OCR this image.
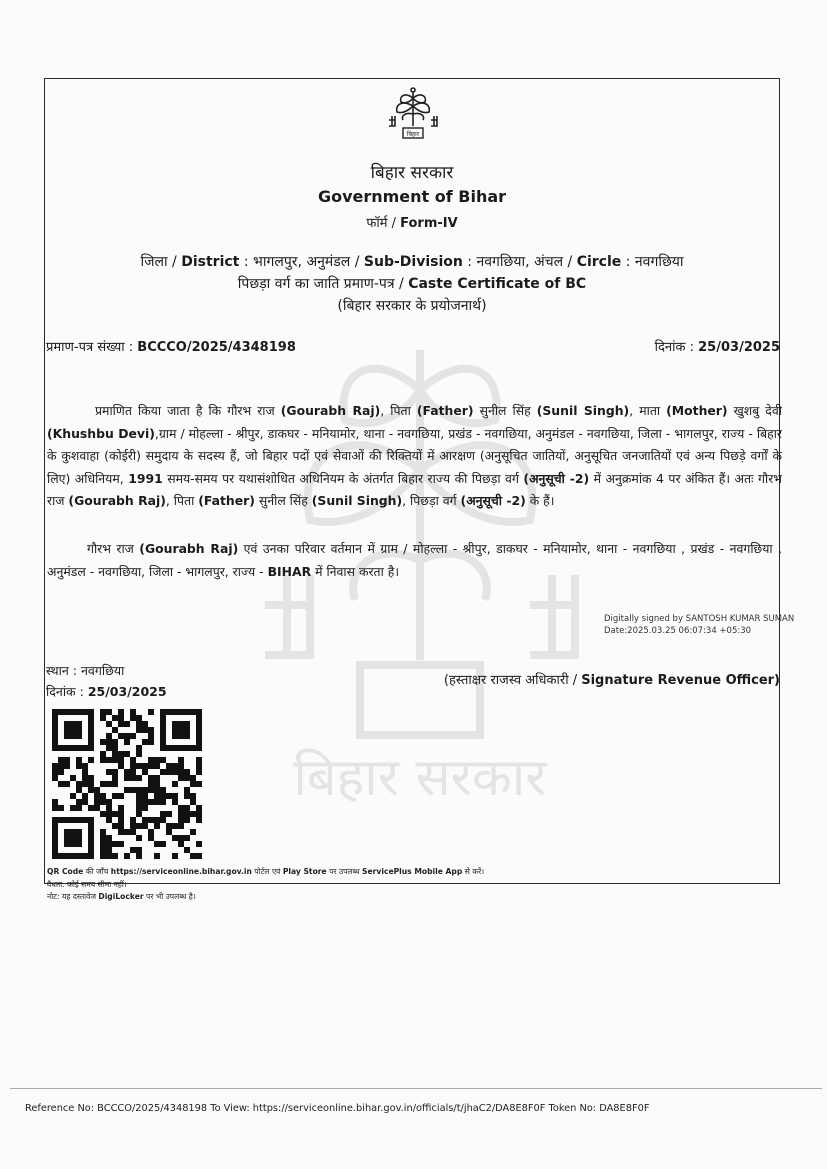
बिहार
बिहार सरकार
बिहार सरकार
Government of Bihar
फॉर्म / Form-IV
जिला / District : भागलपुर, अनुमंडल / Sub-Division : नवगछिया, अंचल / Circle : नवगछिया
पिछड़ा वर्ग का जाति प्रमाण-पत्र / Caste Certificate of BC
(बिहार सरकार के प्रयोजनार्थ)
प्रमाण-पत्र संख्या : BCCCO/2025/4348198	दिनांक : 25/03/2025
प्रमाणित किया जाता है कि गौरभ राज (Gourabh Raj), पिता (Father) सुनील सिंह (Sunil Singh), माता (Mother) खुशबु देवी (Khushbu Devi),ग्राम / मोहल्ला - श्रीपुर, डाकघर - मनियामोर, थाना - नवगछिया, प्रखंड - नवगछिया, अनुमंडल - नवगछिया, जिला - भागलपुर, राज्य - बिहार के कुशवाहा (कोईरी) समुदाय के सदस्य हैं, जो बिहार पदों एवं सेवाओं की रिक्तियों में आरक्षण (अनुसूचित जातियों, अनुसूचित जनजातियों एवं अन्य पिछड़े वर्गों के लिए) अधिनियम, 1991 समय-समय पर यथासंशोधित अधिनियम के अंतर्गत बिहार राज्य की पिछड़ा वर्ग (अनुसूची -2) में अनुक्रमांक 4 पर अंकित हैं। अतः गौरभ राज (Gourabh Raj), पिता (Father) सुनील सिंह (Sunil Singh), पिछड़ा वर्ग (अनुसूची -2) के हैं।
गौरभ राज (Gourabh Raj) एवं उनका परिवार वर्तमान में ग्राम / मोहल्ला - श्रीपुर, डाकघर - मनियामोर, थाना - नवगछिया , प्रखंड - नवगछिया , अनुमंडल - नवगछिया, जिला - भागलपुर, राज्य - BIHAR में निवास करता है।
Digitally signed by SANTOSH KUMAR SUMAN
Date:2025.03.25 06:07:34 +05:30
स्थान : नवगछिया
दिनांक : 25/03/2025
(हस्ताक्षर राजस्व अधिकारी / Signature Revenue Officer)
QR Code की जाँच https://serviceonline.bihar.gov.in पोर्टल एवं Play Store पर उपलब्ध ServicePlus Mobile App से करें।
वैधता: कोई समय सीमा नहीं।
नोट: यह दस्तावेज DigiLocker पर भी उपलब्ध है।
Reference No: BCCCO/2025/4348198 To View: https://serviceonline.bihar.gov.in/officials/t/jhaC2/DA8E8F0F Token No: DA8E8F0F
